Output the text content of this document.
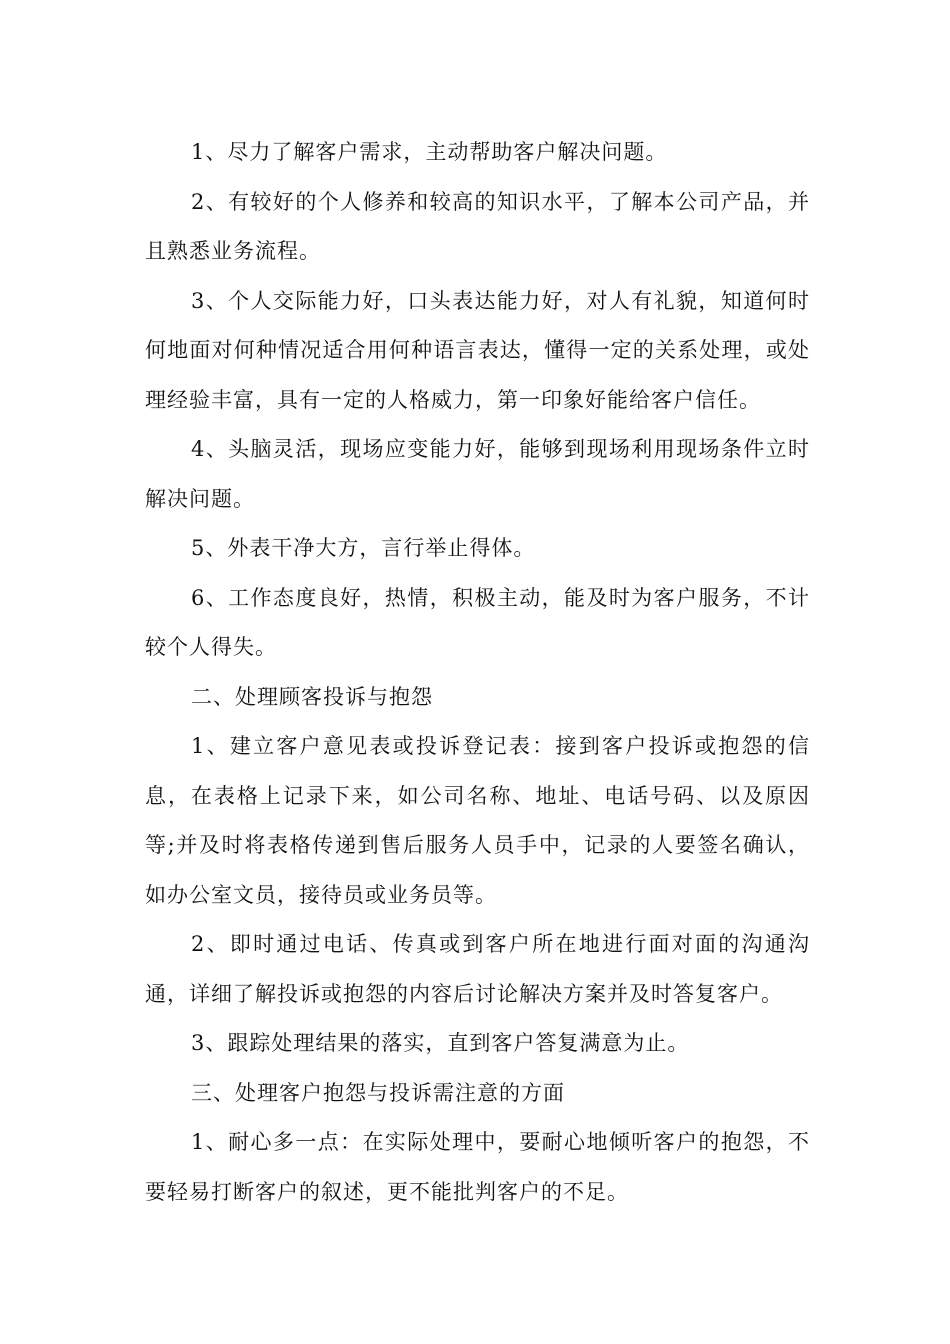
1、尽力了解客户需求，主动帮助客户解决问题。

2、有较好的个人修养和较高的知识水平，了解本公司产品，并且熟悉业务流程。

3、个人交际能力好，口头表达能力好，对人有礼貌，知道何时何地面对何种情况适合用何种语言表达，懂得一定的关系处理，或处理经验丰富，具有一定的人格威力，第一印象好能给客户信任。

4、头脑灵活，现场应变能力好，能够到现场利用现场条件立时解决问题。

5、外表干净大方，言行举止得体。

6、工作态度良好，热情，积极主动，能及时为客户服务，不计较个人得失。

二、处理顾客投诉与抱怨

1、建立客户意见表或投诉登记表：接到客户投诉或抱怨的信息，在表格上记录下来，如公司名称、地址、电话号码、以及原因等;并及时将表格传递到售后服务人员手中，记录的人要签名确认，如办公室文员，接待员或业务员等。

2、即时通过电话、传真或到客户所在地进行面对面的沟通沟通，详细了解投诉或抱怨的内容后讨论解决方案并及时答复客户。

3、跟踪处理结果的落实，直到客户答复满意为止。

三、处理客户抱怨与投诉需注意的方面

1、耐心多一点：在实际处理中，要耐心地倾听客户的抱怨，不要轻易打断客户的叙述，更不能批判客户的不足。
